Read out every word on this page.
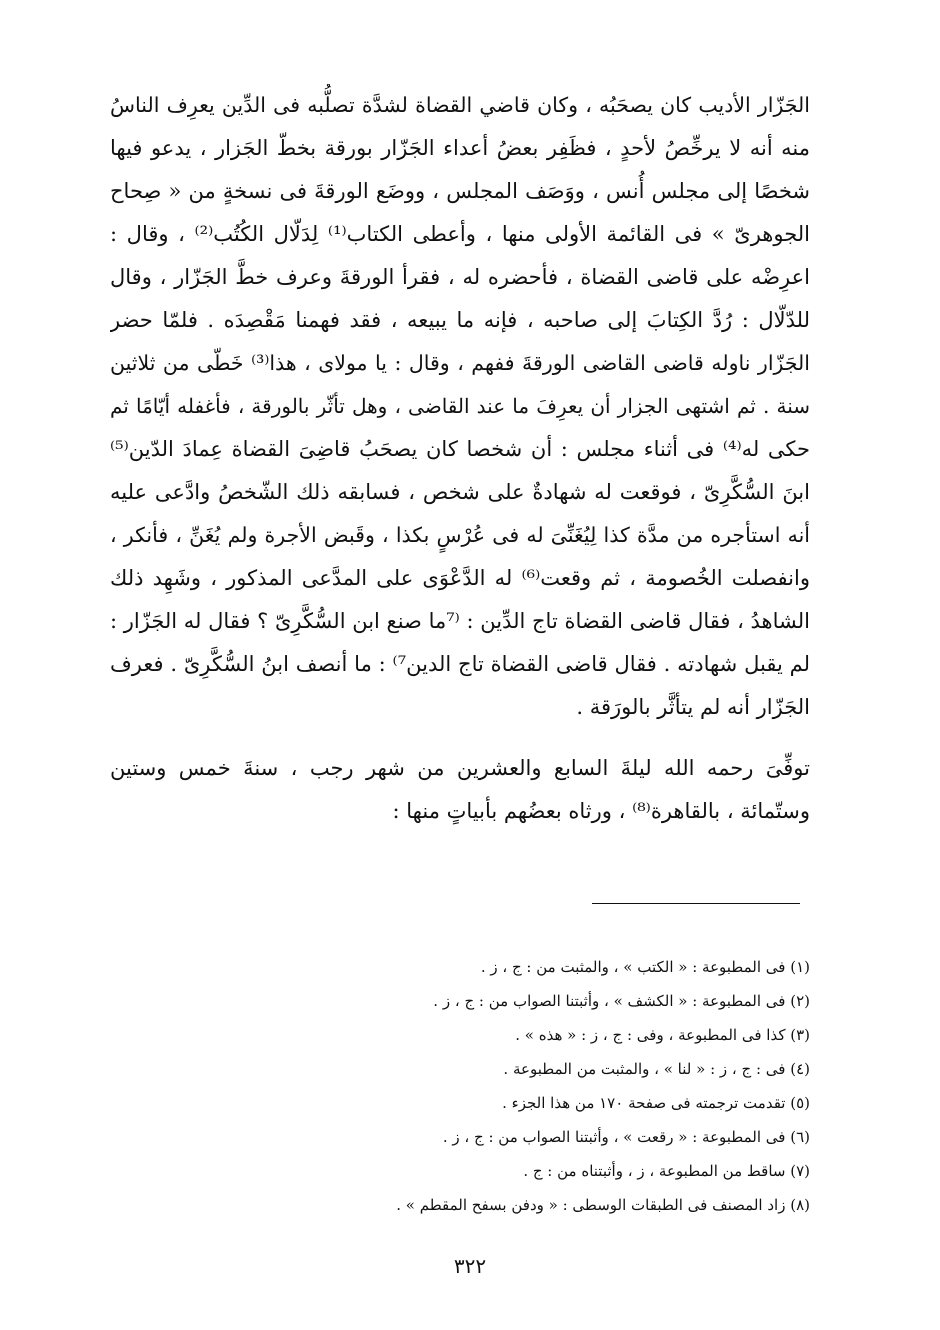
الجَزّار الأديب كان يصحَبُه ، وكان قاضي القضاة لشدَّة تصلُّبه فى الدِّين يعرِف الناسُ
منه أنه لا يرخِّصُ لأحدٍ ، فظَفِر بعضُ أعداء الجَزّار بورقة بخطّ الجَزار ، يدعو فيها
شخصًا إلى مجلس أُنس ، ووَصَف المجلس ، ووضَع الورقةَ فى نسخةٍ من « صِحاح
الجوهرىّ » فى القائمة الأولى منها ، وأعطى الكتاب⁽¹⁾ لِدَلّال الكُتُب⁽²⁾ ، وقال :
اعرِضْه على قاضى القضاة ، فأحضره له ، فقرأ الورقةَ وعرف خطَّ الجَزّار ، وقال
للدّلّال : رُدَّ الكِتابَ إلى صاحبه ، فإنه ما يبيعه ، فقد فهمنا مَقْصِدَه . فلمّا حضر
الجَزّار ناوله قاضى القاضى الورقةَ ففهم ، وقال : يا مولاى ، هذا⁽³⁾ خَطّى من ثلاثين
سنة . ثم اشتهى الجزار أن يعرِفَ ما عند القاضى ، وهل تأثّر بالورقة ، فأغفله أيّامًا ثم
حكى له⁽⁴⁾ فى أثناء مجلس : أن شخصا كان يصحَبُ قاضِىَ القضاة عِمادَ الدّين⁽⁵⁾
ابنَ السُّكَّرِىّ ، فوقعت له شهادةٌ على شخص ، فسابقه ذلك الشّخصُ وادَّعى عليه
أنه استأجره من مدَّة كذا لِيُغَنِّىَ له فى عُرْسٍ بكذا ، وقَبض الأجرة ولم يُغَنِّ ، فأنكر ،
وانفصلت الخُصومة ، ثم وقعت⁽⁶⁾ له الدَّعْوَى على المدَّعى المذكور ، وشَهِد ذلك
الشاهدُ ، فقال قاضى القضاة تاج الدِّين : ⁽⁷ما صنع ابن السُّكَّرِىّ ؟ فقال له الجَزّار :
لم يقبل شهادته . فقال قاضى القضاة تاج الدين⁷⁾ : ما أنصف ابنُ السُّكَّرِىّ . فعرف
الجَزّار أنه لم يتأثَّر بالورَقة .
توفِّىَ رحمه الله ليلةَ السابع والعشرين من شهر رجب ، سنةَ خمس وستين
وستّمائة ، بالقاهرة⁽⁸⁾ ، ورثاه بعضُهم بأبياتٍ منها :
(١) فى المطبوعة : « الكتب » ، والمثبت من : ج ، ز .
(٢) فى المطبوعة : « الكشف » ، وأثبتنا الصواب من : ج ، ز .
(٣) كذا فى المطبوعة ، وفى : ج ، ز : « هذه » .
(٤) فى : ج ، ز : « لنا » ، والمثبت من المطبوعة .
(٥) تقدمت ترجمته فى صفحة ١٧٠ من هذا الجزء .
(٦) فى المطبوعة : « رقعت » ، وأثبتنا الصواب من : ج ، ز .
(٧) ساقط من المطبوعة ، ز ، وأثبتناه من : ج .
(٨) زاد المصنف فى الطبقات الوسطى : « ودفن بسفح المقطم » .
٣٢٢
